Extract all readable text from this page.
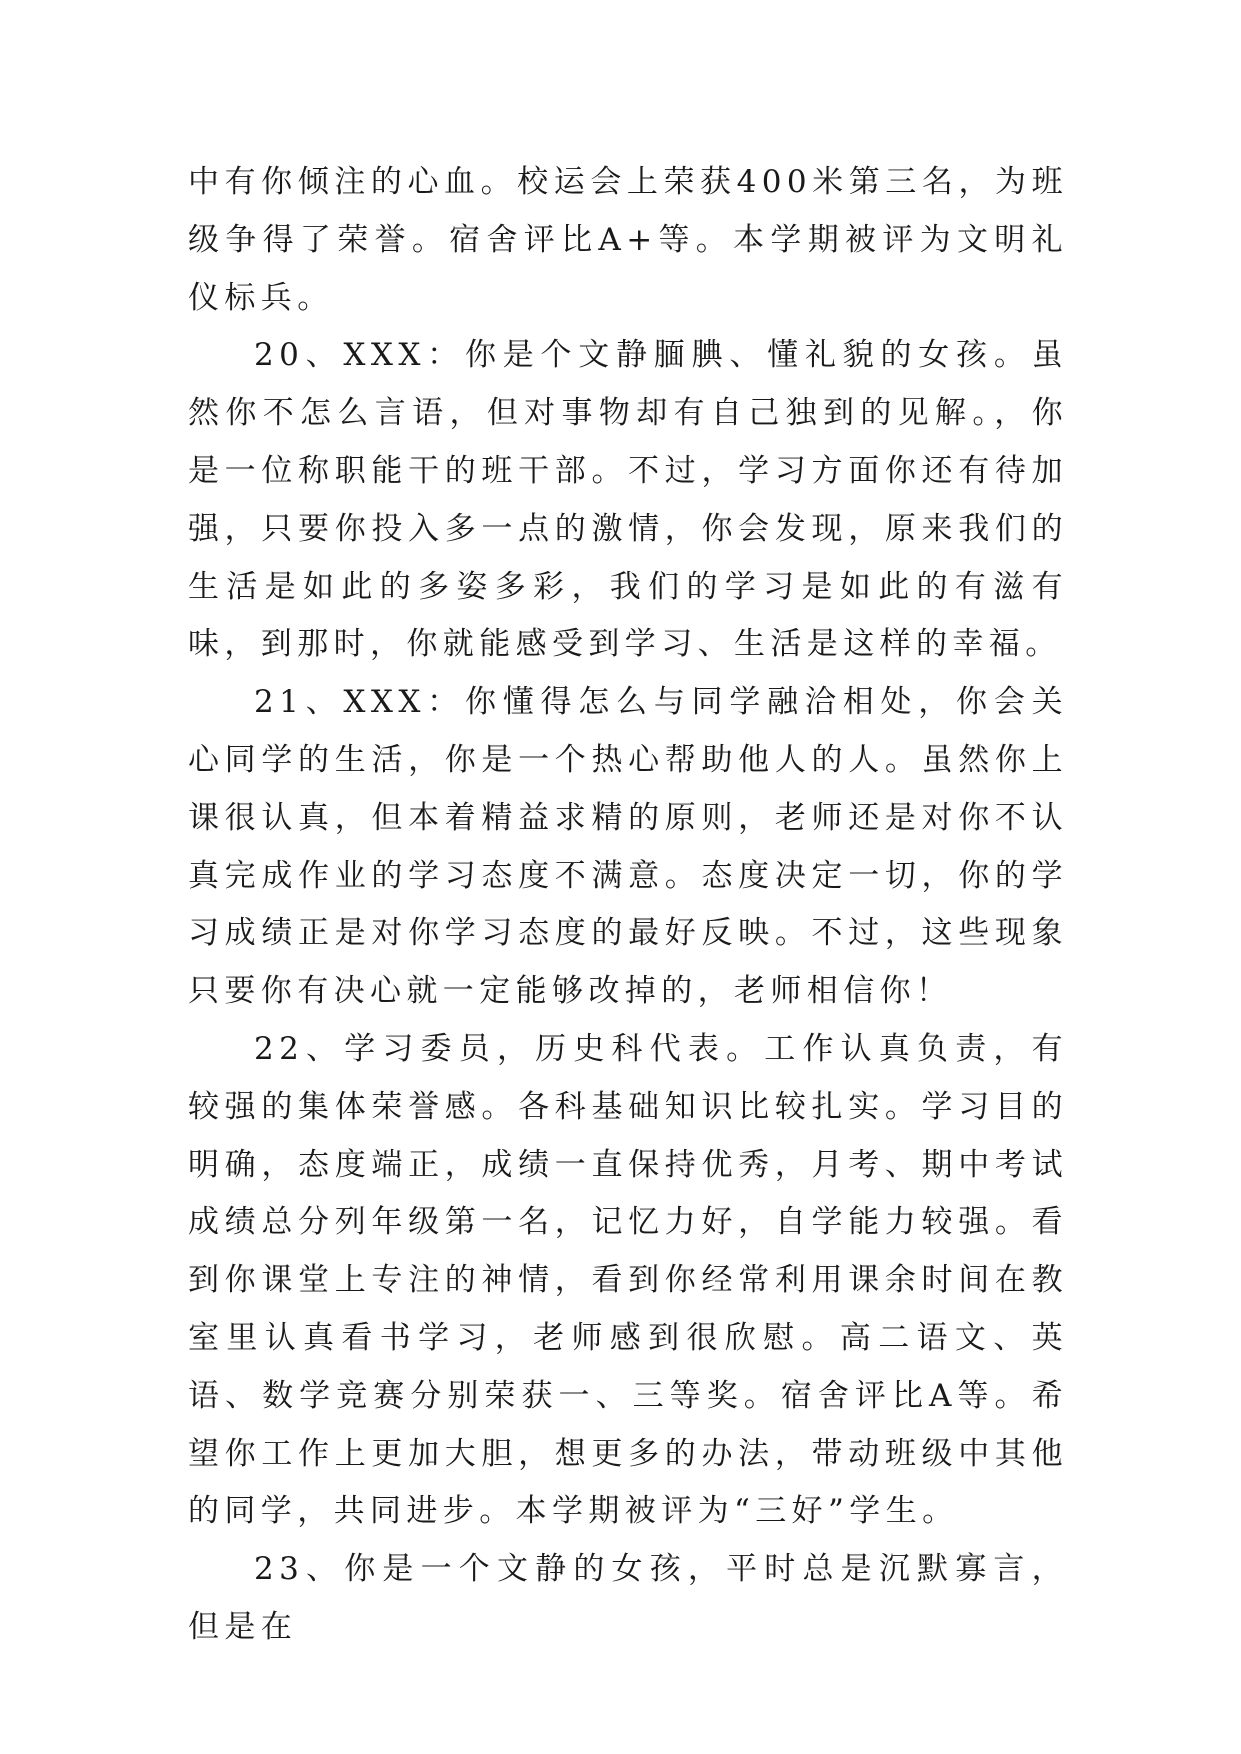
中有你倾注的心血。校运会上荣获400米第三名，为班级争得了荣誉。宿舍评比A+等。本学期被评为文明礼仪标兵。

20、XXX：你是个文静腼腆、懂礼貌的女孩。虽然你不怎么言语，但对事物却有自己独到的见解。，你是一位称职能干的班干部。不过，学习方面你还有待加强，只要你投入多一点的激情，你会发现，原来我们的生活是如此的多姿多彩，我们的学习是如此的有滋有味，到那时，你就能感受到学习、生活是这样的幸福。

21、XXX：你懂得怎么与同学融洽相处，你会关心同学的生活，你是一个热心帮助他人的人。虽然你上课很认真，但本着精益求精的原则，老师还是对你不认真完成作业的学习态度不满意。态度决定一切，你的学习成绩正是对你学习态度的最好反映。不过，这些现象只要你有决心就一定能够改掉的，老师相信你！

22、学习委员，历史科代表。工作认真负责，有较强的集体荣誉感。各科基础知识比较扎实。学习目的明确，态度端正，成绩一直保持优秀，月考、期中考试成绩总分列年级第一名，记忆力好，自学能力较强。看到你课堂上专注的神情，看到你经常利用课余时间在教室里认真看书学习，老师感到很欣慰。高二语文、英语、数学竞赛分别荣获一、三等奖。宿舍评比A等。希望你工作上更加大胆，想更多的办法，带动班级中其他的同学，共同进步。本学期被评为“三好”学生。

23、你是一个文静的女孩，平时总是沉默寡言，但是在
